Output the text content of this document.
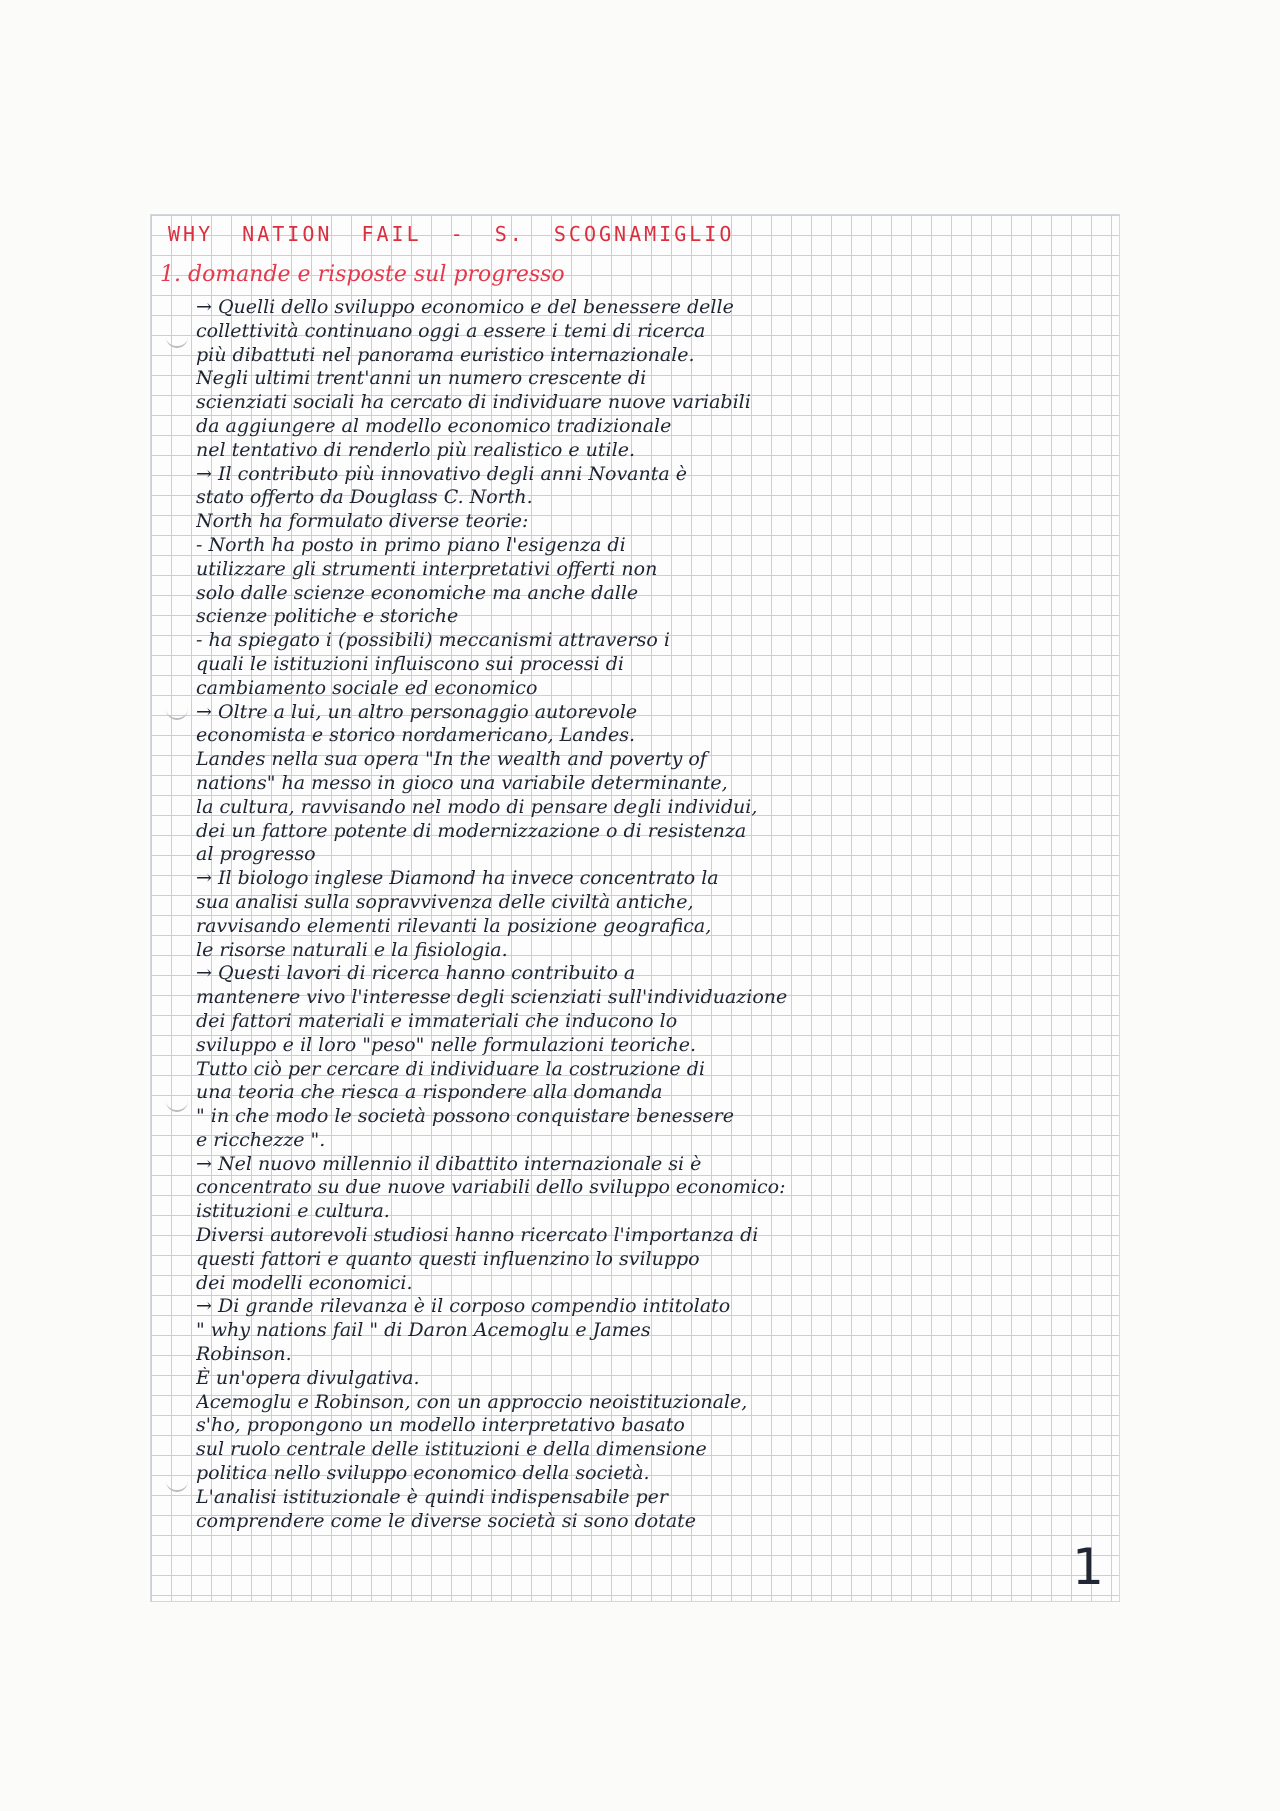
WHY NATION FAIL - S. SCOGNAMIGLIO
1. domande e risposte sul progresso
→ Quelli dello sviluppo economico e del benessere delle
collettività continuano oggi a essere i temi di ricerca
più dibattuti nel panorama euristico internazionale.
Negli ultimi trent'anni un numero crescente di
scienziati sociali ha cercato di individuare nuove variabili
da aggiungere al modello economico tradizionale
nel tentativo di renderlo più realistico e utile.
→ Il contributo più innovativo degli anni Novanta è
stato offerto da Douglass C. North.
North ha formulato diverse teorie:
- North ha posto in primo piano l'esigenza di
utilizzare gli strumenti interpretativi offerti non
solo dalle scienze economiche ma anche dalle
scienze politiche e storiche
- ha spiegato i (possibili) meccanismi attraverso i
quali le istituzioni influiscono sui processi di
cambiamento sociale ed economico
→ Oltre a lui, un altro personaggio autorevole
economista e storico nordamericano, Landes.
Landes nella sua opera "In the wealth and poverty of
nations" ha messo in gioco una variabile determinante,
la cultura, ravvisando nel modo di pensare degli individui,
dei un fattore potente di modernizzazione o di resistenza
al progresso
→ Il biologo inglese Diamond ha invece concentrato la
sua analisi sulla sopravvivenza delle civiltà antiche,
ravvisando elementi rilevanti la posizione geografica,
le risorse naturali e la fisiologia.
→ Questi lavori di ricerca hanno contribuito a
mantenere vivo l'interesse degli scienziati sull'individuazione
dei fattori materiali e immateriali che inducono lo
sviluppo e il loro "peso" nelle formulazioni teoriche.
Tutto ciò per cercare di individuare la costruzione di
una teoria che riesca a rispondere alla domanda
" in che modo le società possono conquistare benessere
e ricchezze ".
→ Nel nuovo millennio il dibattito internazionale si è
concentrato su due nuove variabili dello sviluppo economico:
istituzioni e cultura.
Diversi autorevoli studiosi hanno ricercato l'importanza di
questi fattori e quanto questi influenzino lo sviluppo
dei modelli economici.
→ Di grande rilevanza è il corposo compendio intitolato
" why nations fail " di Daron Acemoglu e James
Robinson.
È un'opera divulgativa.
Acemoglu e Robinson, con un approccio neoistituzionale,
s'ho, propongono un modello interpretativo basato
sul ruolo centrale delle istituzioni e della dimensione
politica nello sviluppo economico della società.
L'analisi istituzionale è quindi indispensabile per
comprendere come le diverse società si sono dotate
1
